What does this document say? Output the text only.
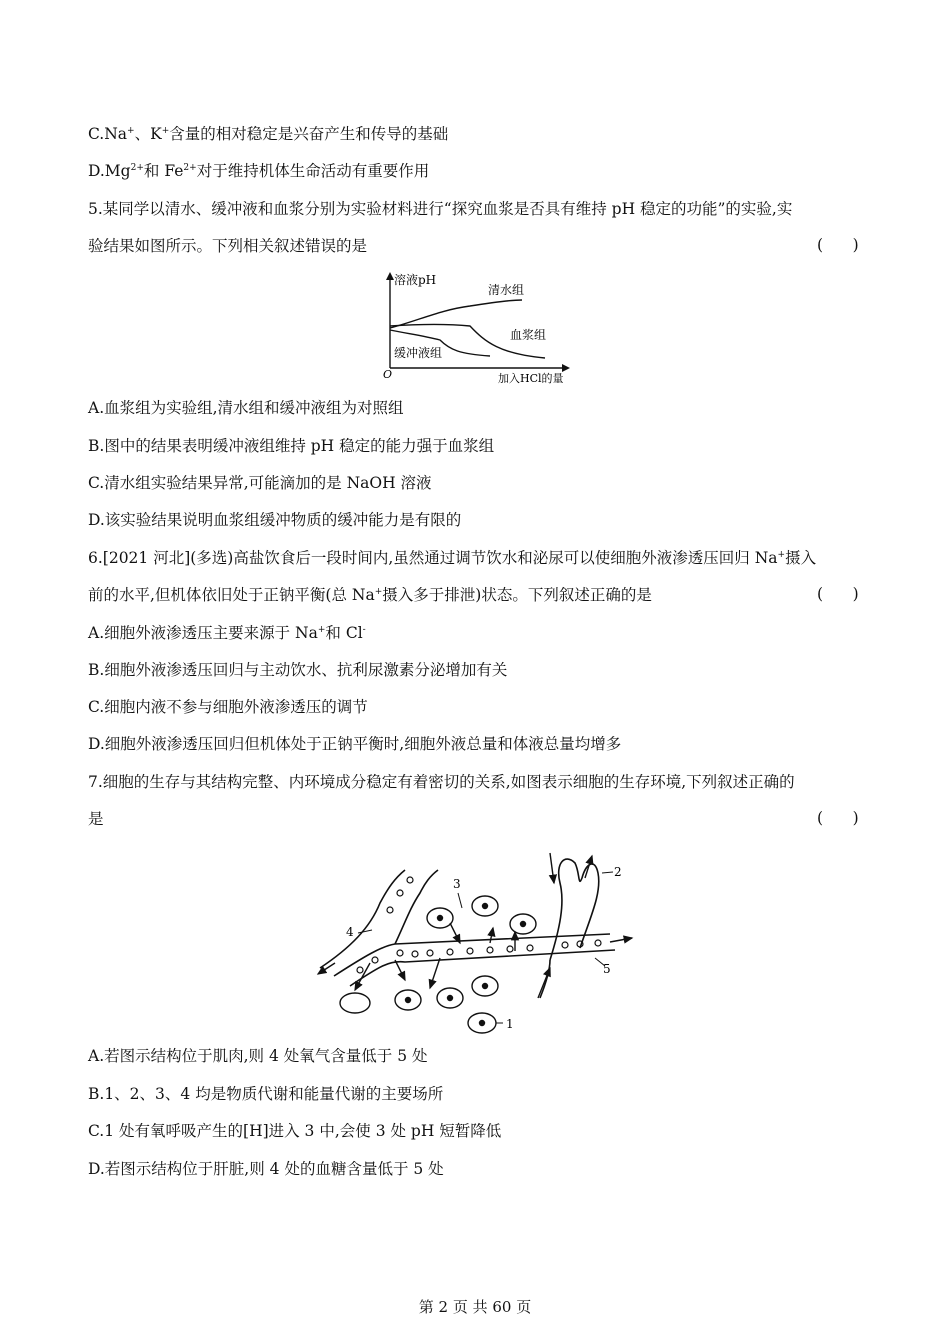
C.Na+、K+含量的相对稳定是兴奋产生和传导的基础
$D.Mg^{2+}$和 $Fe^{2+}$对于维持机体生命活动有重要作用
5.某同学以清水、缓冲液和血浆分别为实验材料进行“探究血浆是否具有维持 pH 稳定的功能”的实验,实
验结果如图所示。下列相关叙述错误的是	(      )
溶液pH
加入HCl的量
O
清水组
血浆组
缓冲液组
A.血浆组为实验组,清水组和缓冲液组为对照组
B.图中的结果表明缓冲液组维持 pH 稳定的能力强于血浆组
C.清水组实验结果异常,可能滴加的是 NaOH 溶液
D.该实验结果说明血浆组缓冲物质的缓冲能力是有限的
6.[2021 河北](多选)高盐饮食后一段时间内,虽然通过调节饮水和泌尿可以使细胞外液渗透压回归 Na+摄入
前的水平,但机体依旧处于正钠平衡(总 Na+摄入多于排泄)状态。下列叙述正确的是	(      )
A.细胞外液渗透压主要来源于 Na+和 Cl-
B.细胞外液渗透压回归与主动饮水、抗利尿激素分泌增加有关
C.细胞内液不参与细胞外液渗透压的调节
D.细胞外液渗透压回归但机体处于正钠平衡时,细胞外液总量和体液总量均增多
7.细胞的生存与其结构完整、内环境成分稳定有着密切的关系,如图表示细胞的生存环境,下列叙述正确的
是	(      )
1
2
3
4
5
A.若图示结构位于肌肉,则 4 处氧气含量低于 5 处
B.1、2、3、4 均是物质代谢和能量代谢的主要场所
C.1 处有氧呼吸产生的[H]进入 3 中,会使 3 处 pH 短暂降低
D.若图示结构位于肝脏,则 4 处的血糖含量低于 5 处
第 2 页 共 60 页
